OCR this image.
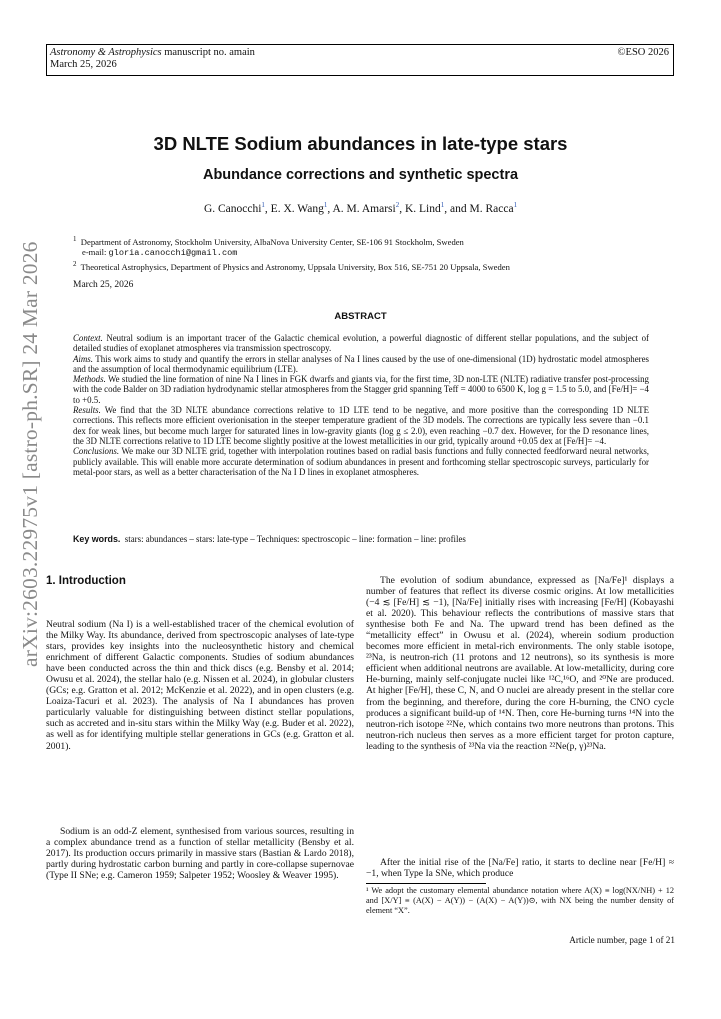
Astronomy & Astrophysics manuscript no. amain
March 25, 2026
©ESO 2026
arXiv:2603.22975v1 [astro-ph.SR] 24 Mar 2026
3D NLTE Sodium abundances in late-type stars
Abundance corrections and synthetic spectra
G. Canocchi$^1$, E. X. Wang$^1$, A. M. Amarsi$^2$, K. Lind$^1$, and M. Racca$^1$
$^1$ Department of Astronomy, Stockholm University, AlbaNova University Center, SE-106 91 Stockholm, Sweden
e-mail: gloria.canocchi@gmail.com
$^2$ Theoretical Astrophysics, Department of Physics and Astronomy, Uppsala University, Box 516, SE-751 20 Uppsala, Sweden
March 25, 2026
ABSTRACT

Context. Neutral sodium is an important tracer of the Galactic chemical evolution, a powerful diagnostic of different stellar populations, and the subject of detailed studies of exoplanet atmospheres via transmission spectroscopy.

Aims. This work aims to study and quantify the errors in stellar analyses of Na I lines caused by the use of one-dimensional (1D) hydrostatic model atmospheres and the assumption of local thermodynamic equilibrium (LTE).

Methods. We studied the line formation of nine Na I lines in FGK dwarfs and giants via, for the first time, 3D non-LTE (NLTE) radiative transfer post-processing with the code Balder on 3D radiation hydrodynamic stellar atmospheres from the Stagger grid spanning Teff = 4000 to 6500 K, log g = 1.5 to 5.0, and [Fe/H]= −4 to +0.5.

Results. We find that the 3D NLTE abundance corrections relative to 1D LTE tend to be negative, and more positive than the corresponding 1D NLTE corrections. This reflects more efficient overionisation in the steeper temperature gradient of the 3D models. The corrections are typically less severe than −0.1 dex for weak lines, but become much larger for saturated lines in low-gravity giants (log g ≤ 2.0), even reaching −0.7 dex. However, for the D resonance lines, the 3D NLTE corrections relative to 1D LTE become slightly positive at the lowest metallicities in our grid, typically around +0.05 dex at [Fe/H]= −4.

Conclusions. We make our 3D NLTE grid, together with interpolation routines based on radial basis functions and fully connected feedforward neural networks, publicly available. This will enable more accurate determination of sodium abundances in present and forthcoming stellar spectroscopic surveys, particularly for metal-poor stars, as well as a better characterisation of the Na I D lines in exoplanet atmospheres.

Key words. stars: abundances – stars: late-type – Techniques: spectroscopic – line: formation – line: profiles
1. Introduction

Neutral sodium (Na I) is a well-established tracer of the chemical evolution of the Milky Way. Its abundance, derived from spectroscopic analyses of late-type stars, provides key insights into the nucleosynthetic history and chemical enrichment of different Galactic components. Studies of sodium abundances have been conducted across the thin and thick discs (e.g. Bensby et al. 2014; Owusu et al. 2024), the stellar halo (e.g. Nissen et al. 2024), in globular clusters (GCs; e.g. Gratton et al. 2012; McKenzie et al. 2022), and in open clusters (e.g. Loaiza-Tacuri et al. 2023). The analysis of Na I abundances has proven particularly valuable for distinguishing between distinct stellar populations, such as accreted and in-situ stars within the Milky Way (e.g. Buder et al. 2022), as well as for identifying multiple stellar generations in GCs (e.g. Gratton et al. 2001).

Sodium is an odd-Z element, synthesised from various sources, resulting in a complex abundance trend as a function of stellar metallicity (Bensby et al. 2017). Its production occurs primarily in massive stars (Bastian & Lardo 2018), partly during hydrostatic carbon burning and partly in core-collapse supernovae (Type II SNe; e.g. Cameron 1959; Salpeter 1952; Woosley & Weaver 1995).

The evolution of sodium abundance, expressed as [Na/Fe]¹ displays a number of features that reflect its diverse cosmic origins. At low metallicities (−4 ≲ [Fe/H] ≲ −1), [Na/Fe] initially rises with increasing [Fe/H] (Kobayashi et al. 2020). This behaviour reflects the contributions of massive stars that synthesise both Fe and Na. The upward trend has been defined as the “metallicity effect” in Owusu et al. (2024), wherein sodium production becomes more efficient in metal-rich environments. The only stable isotope, ²³Na, is neutron-rich (11 protons and 12 neutrons), so its synthesis is more efficient when additional neutrons are available. At low-metallicity, during core He-burning, mainly self-conjugate nuclei like ¹²C,¹⁶O, and ²⁰Ne are produced. At higher [Fe/H], these C, N, and O nuclei are already present in the stellar core from the beginning, and therefore, during the core H-burning, the CNO cycle produces a significant build-up of ¹⁴N. Then, core He-burning turns ¹⁴N into the neutron-rich isotope ²²Ne, which contains two more neutrons than protons. This neutron-rich nucleus then serves as a more efficient target for proton capture, leading to the synthesis of ²³Na via the reaction ²²Ne(p, γ)²³Na.

After the initial rise of the [Na/Fe] ratio, it starts to decline near [Fe/H] ≈ −1, when Type Ia SNe, which produce

¹ We adopt the customary elemental abundance notation where A(X) ≡ log(NX/NH) + 12 and [X/Y] ≡ (A(X) − A(Y)) − (A(X) − A(Y))⊙, with NX being the number density of element “X”.
Article number, page 1 of 21
